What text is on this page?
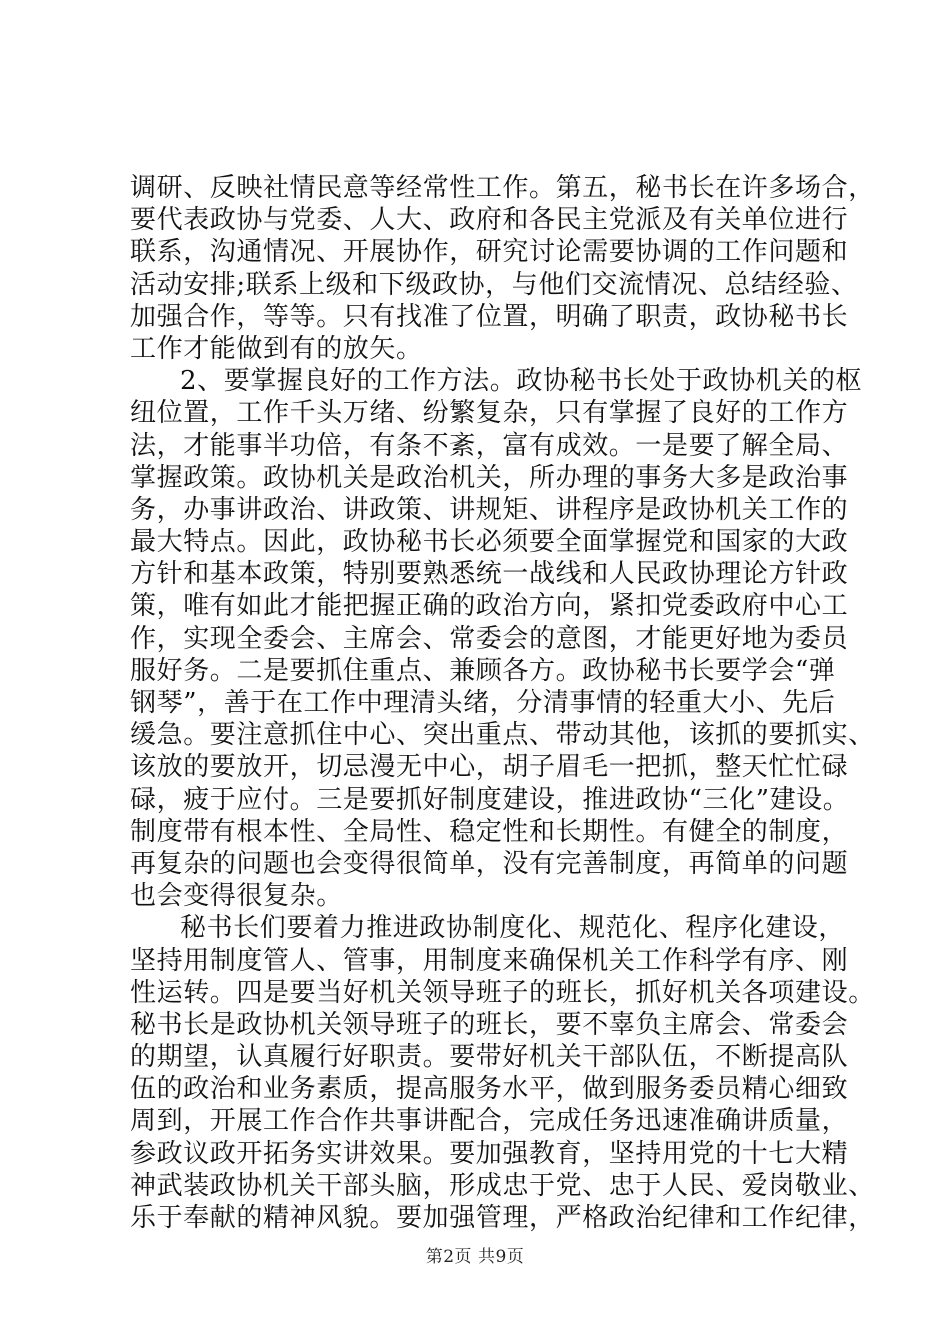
调研、反映社情民意等经常性工作。第五，秘书长在许多场合，
要代表政协与党委、人大、政府和各民主党派及有关单位进行
联系，沟通情况、开展协作，研究讨论需要协调的工作问题和
活动安排;联系上级和下级政协，与他们交流情况、总结经验、
加强合作，等等。只有找准了位置，明确了职责，政协秘书长
工作才能做到有的放矢。
2、要掌握良好的工作方法。政协秘书长处于政协机关的枢
纽位置，工作千头万绪、纷繁复杂，只有掌握了良好的工作方
法，才能事半功倍，有条不紊，富有成效。一是要了解全局、
掌握政策。政协机关是政治机关，所办理的事务大多是政治事
务，办事讲政治、讲政策、讲规矩、讲程序是政协机关工作的
最大特点。因此，政协秘书长必须要全面掌握党和国家的大政
方针和基本政策，特别要熟悉统一战线和人民政协理论方针政
策，唯有如此才能把握正确的政治方向，紧扣党委政府中心工
作，实现全委会、主席会、常委会的意图，才能更好地为委员
服好务。二是要抓住重点、兼顾各方。政协秘书长要学会“弹
钢琴”，善于在工作中理清头绪，分清事情的轻重大小、先后
缓急。要注意抓住中心、突出重点、带动其他，该抓的要抓实、
该放的要放开，切忌漫无中心，胡子眉毛一把抓，整天忙忙碌
碌，疲于应付。三是要抓好制度建设，推进政协“三化”建设。
制度带有根本性、全局性、稳定性和长期性。有健全的制度，
再复杂的问题也会变得很简单，没有完善制度，再简单的问题
也会变得很复杂。
秘书长们要着力推进政协制度化、规范化、程序化建设，
坚持用制度管人、管事，用制度来确保机关工作科学有序、刚
性运转。四是要当好机关领导班子的班长，抓好机关各项建设。
秘书长是政协机关领导班子的班长，要不辜负主席会、常委会
的期望，认真履行好职责。要带好机关干部队伍，不断提高队
伍的政治和业务素质，提高服务水平，做到服务委员精心细致
周到，开展工作合作共事讲配合，完成任务迅速准确讲质量，
参政议政开拓务实讲效果。要加强教育，坚持用党的十七大精
神武装政协机关干部头脑，形成忠于党、忠于人民、爱岗敬业、
乐于奉献的精神风貌。要加强管理，严格政治纪律和工作纪律，
第2页 共9页
